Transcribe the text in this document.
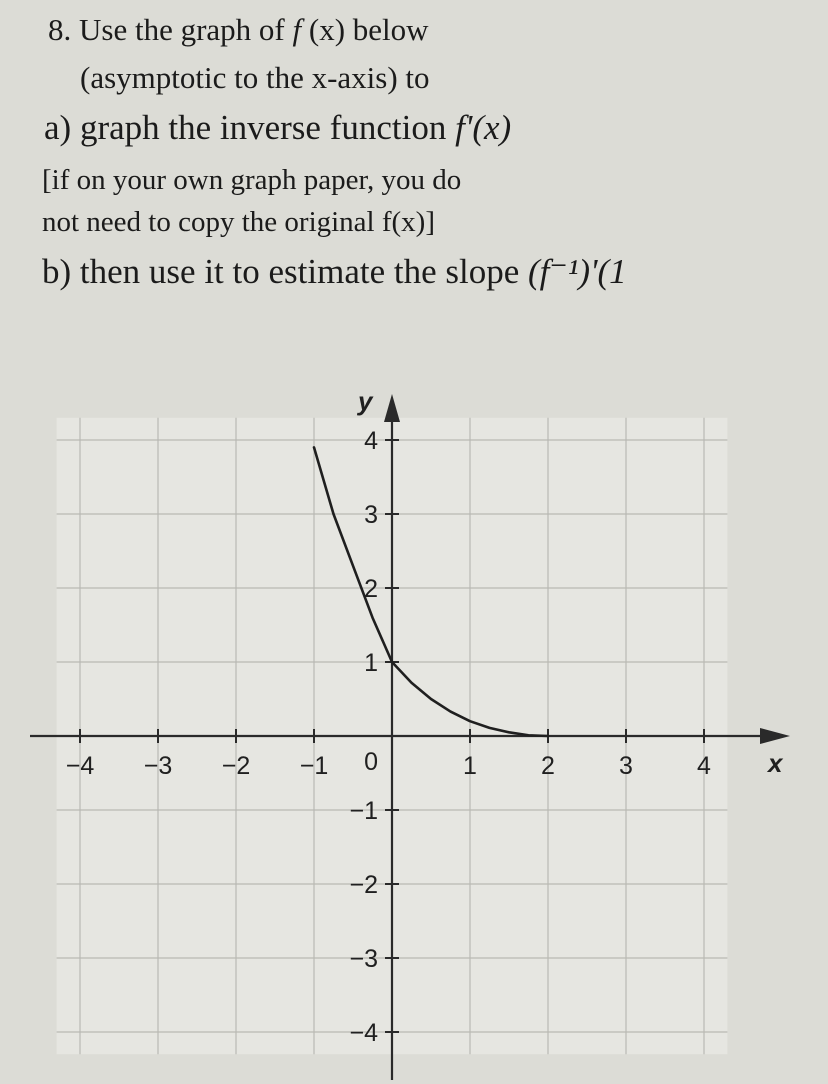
8. Use the graph of f (x) below
(asymptotic to the x-axis) to
a) graph the inverse function f'(x)
[if on your own graph paper, you do
not need to copy the original f(x)]
b) then use it to estimate the slope (f⁻¹)'(1
−4 −3 −2 −1	1	2	3	4
4
3
2
1
−1
−2
−3
−4
0	x
y
